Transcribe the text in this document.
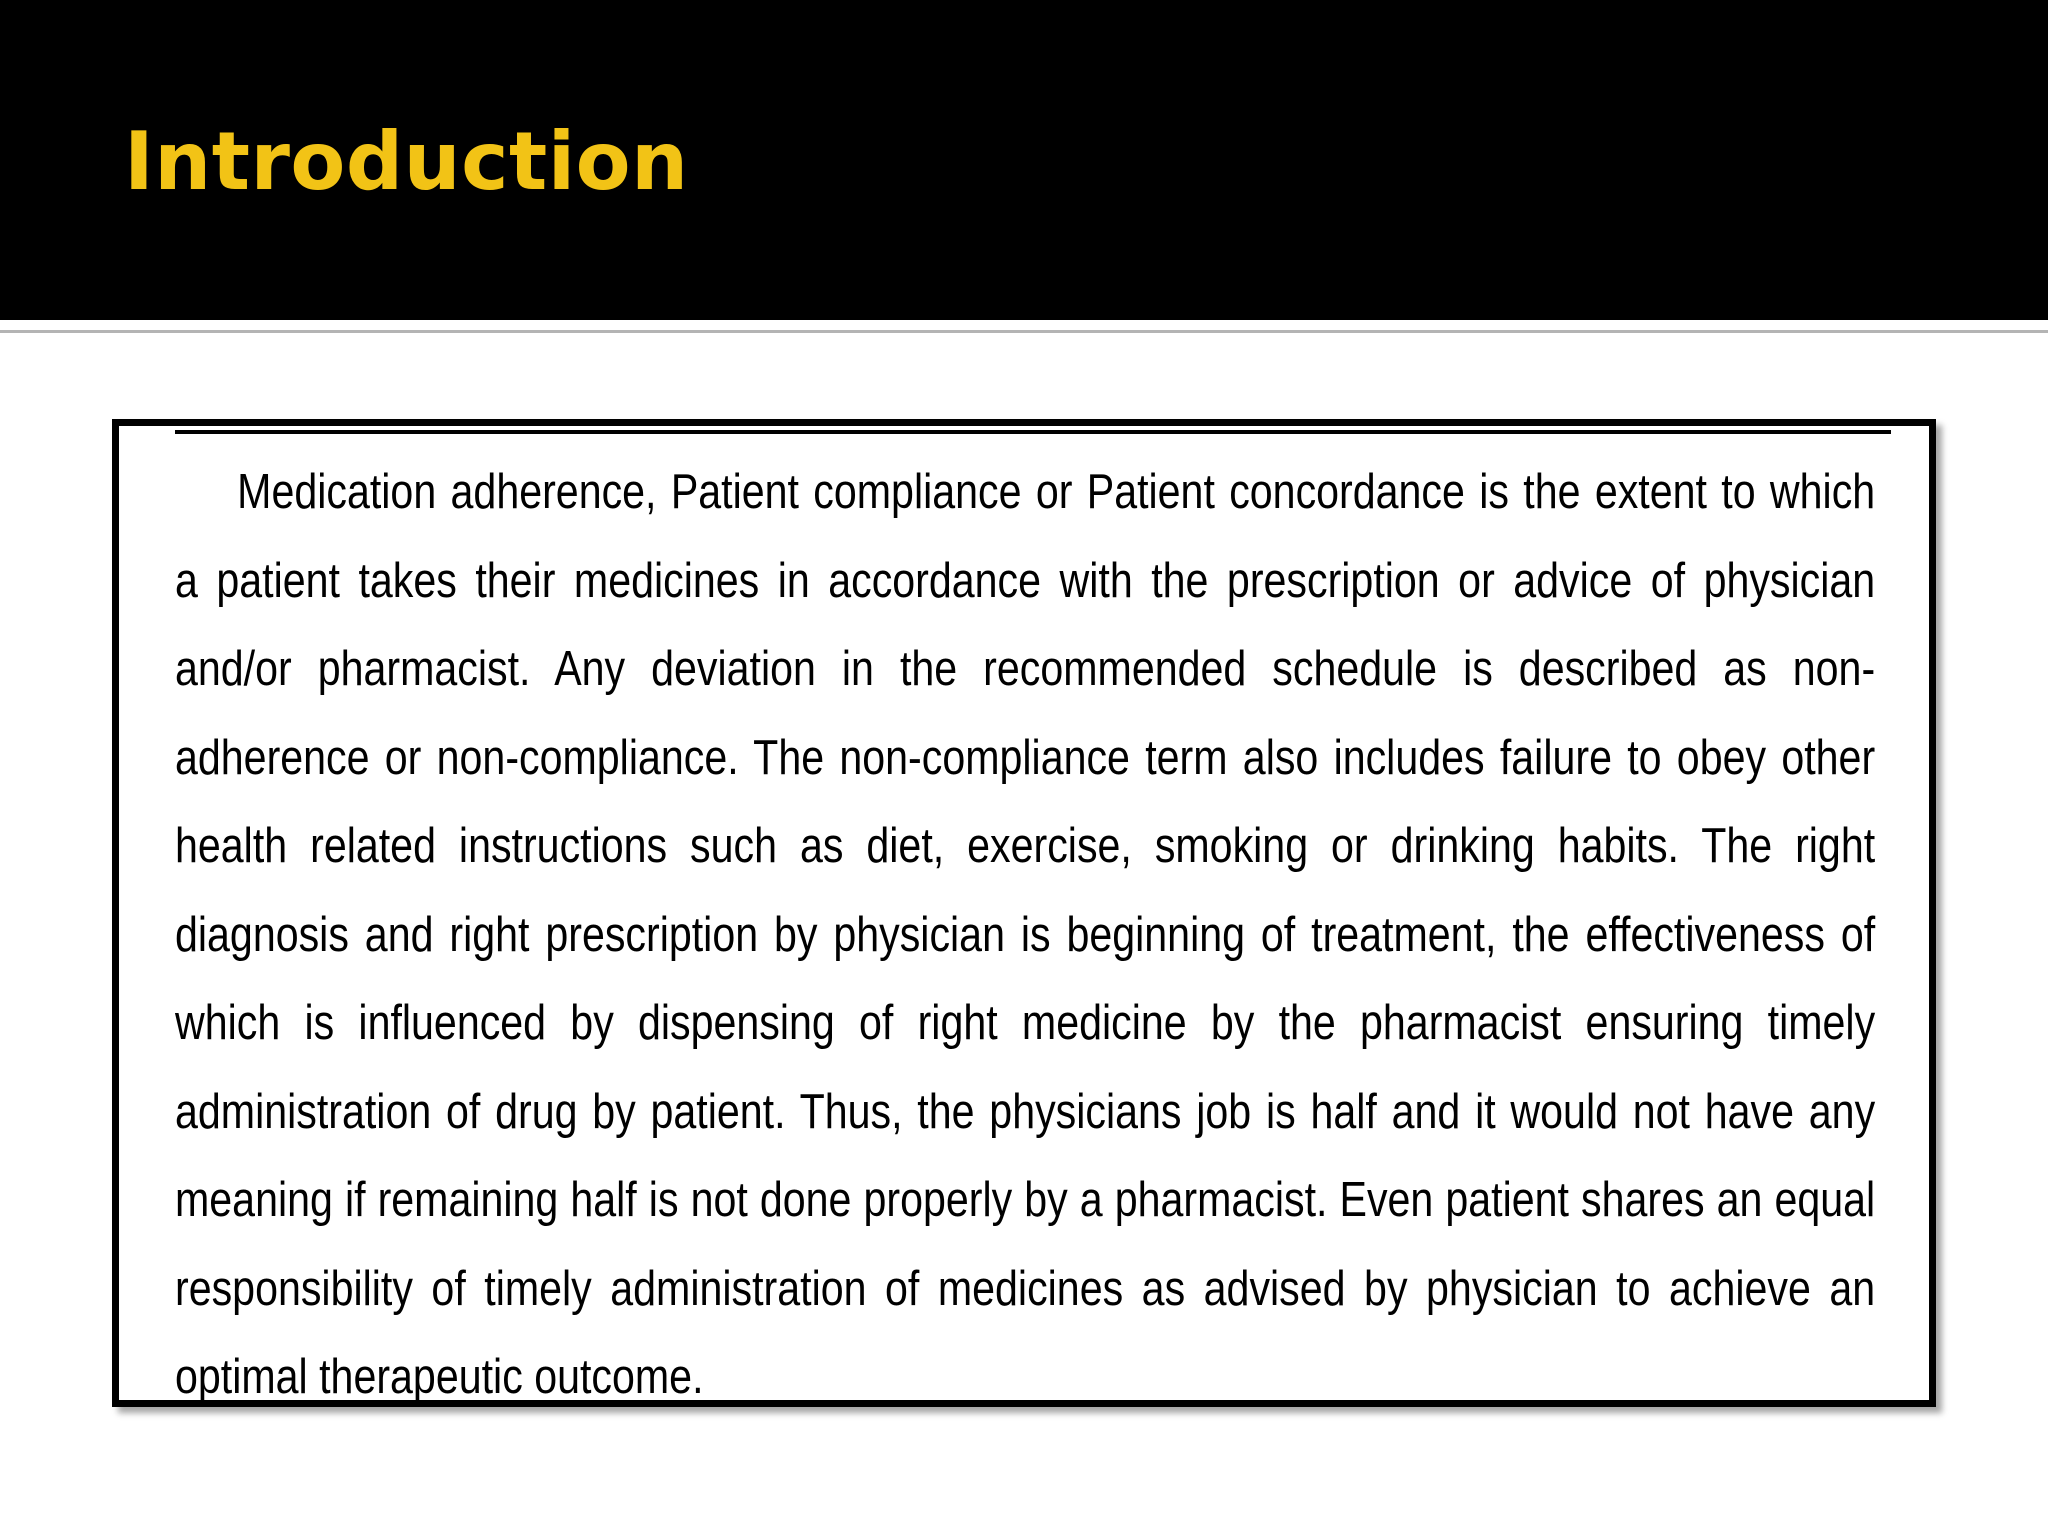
Introduction

Medication adherence, Patient compliance or Patient concordance is the extent to which a patient takes their medicines in accordance with the prescription or advice of physician and/or pharmacist. Any deviation in the recommended schedule is described as non-adherence or non-compliance. The non-compliance term also includes failure to obey other health related instructions such as diet, exercise, smoking or drinking habits. The right diagnosis and right prescription by physician is beginning of treatment, the effectiveness of which is influenced by dispensing of right medicine by the pharmacist ensuring timely administration of drug by patient. Thus, the physicians job is half and it would not have any meaning if remaining half is not done properly by a pharmacist. Even patient shares an equal responsibility of timely administration of medicines as advised by physician to achieve an optimal therapeutic outcome.
